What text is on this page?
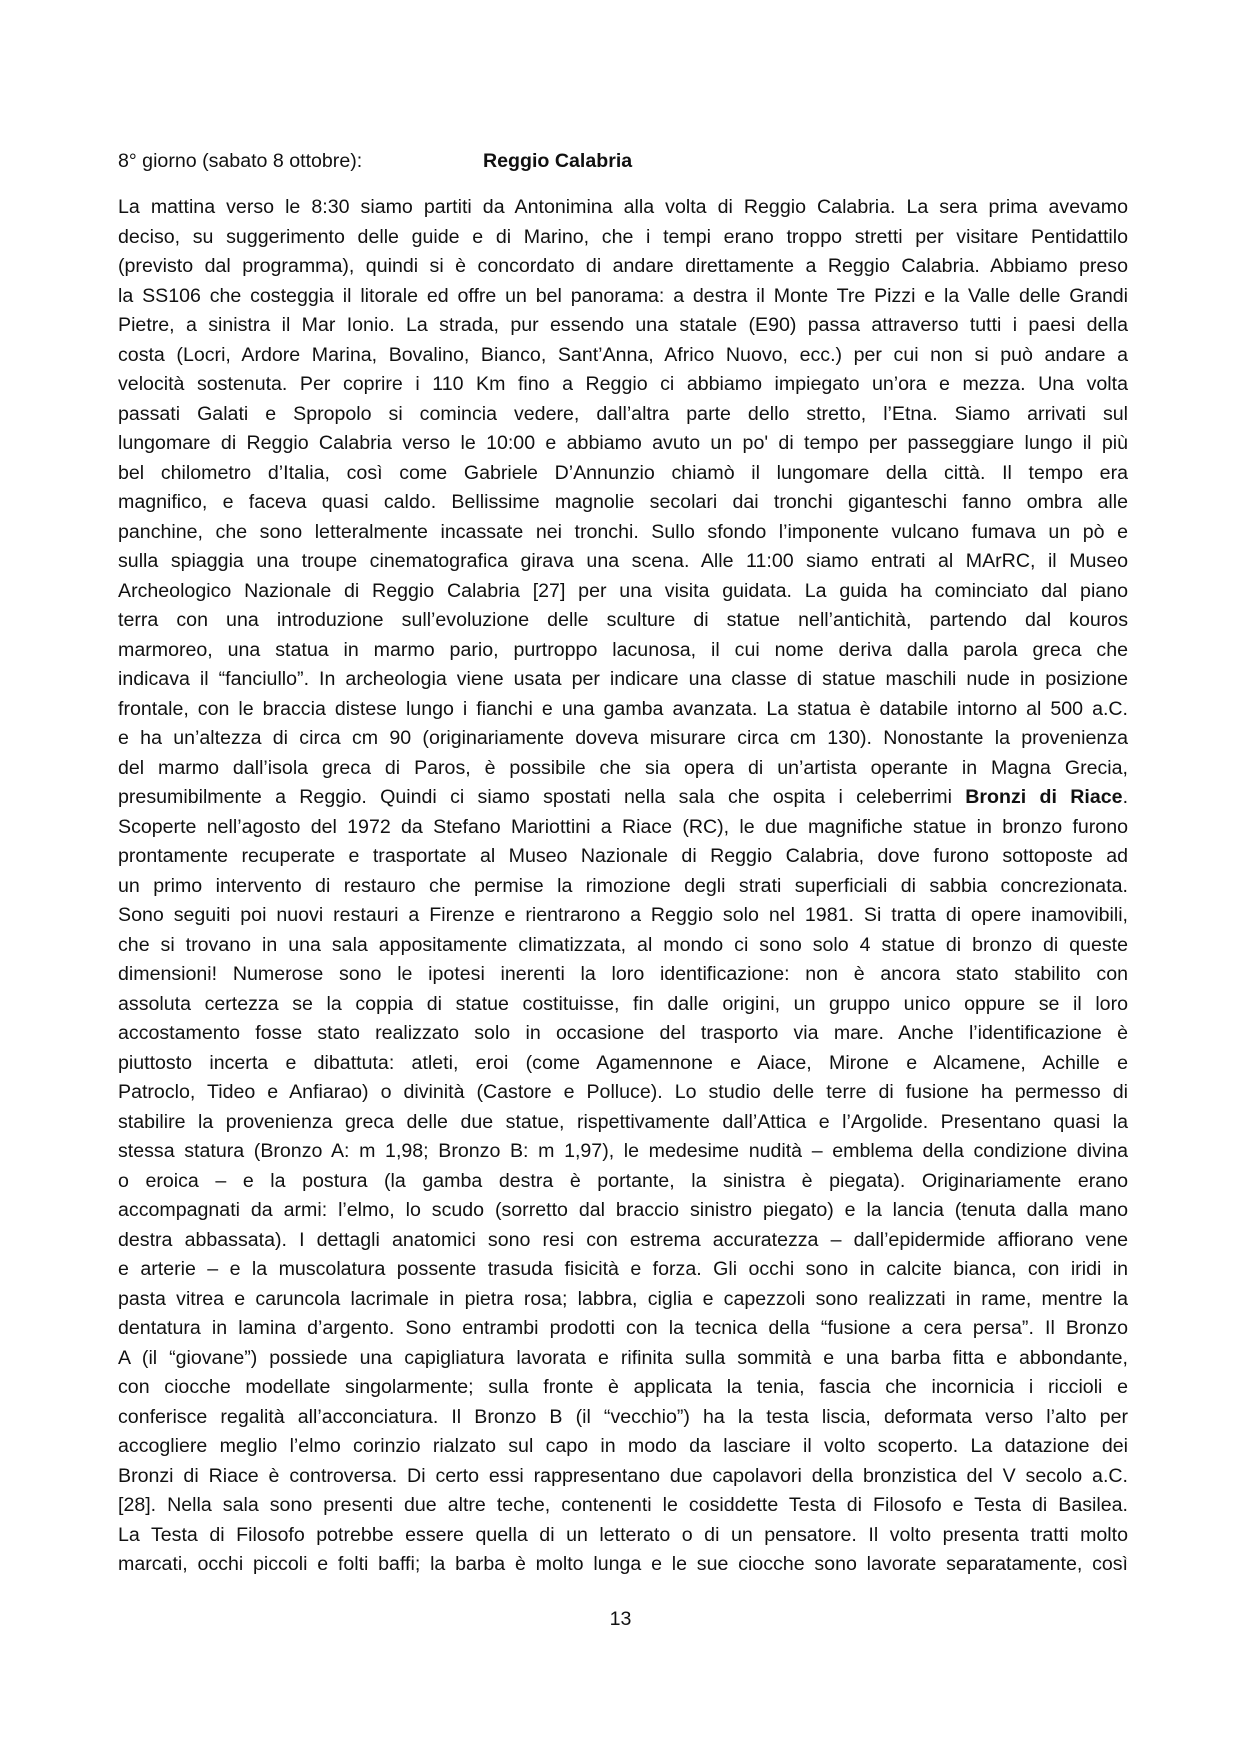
8° giorno (sabato 8 ottobre):	Reggio Calabria
La mattina verso le 8:30 siamo partiti da Antonimina alla volta di Reggio Calabria. La sera prima avevamo
deciso, su suggerimento delle guide e di Marino, che i tempi erano troppo stretti per visitare Pentidattilo
(previsto dal programma), quindi si è concordato di andare direttamente a Reggio Calabria. Abbiamo preso
la SS106 che costeggia il litorale ed offre un bel panorama: a destra il Monte Tre Pizzi e la Valle delle Grandi
Pietre, a sinistra il Mar Ionio. La strada, pur essendo una statale (E90) passa attraverso tutti i paesi della
costa (Locri, Ardore Marina, Bovalino, Bianco, Sant’Anna, Africo Nuovo, ecc.) per cui non si può andare a
velocità sostenuta. Per coprire i 110 Km fino a Reggio ci abbiamo impiegato un’ora e mezza. Una volta
passati Galati e Spropolo si comincia vedere, dall’altra parte dello stretto, l’Etna. Siamo arrivati sul
lungomare di Reggio Calabria verso le 10:00 e abbiamo avuto un po' di tempo per passeggiare lungo il più
bel chilometro d’Italia, così come Gabriele D’Annunzio chiamò il lungomare della città. Il tempo era
magnifico, e faceva quasi caldo. Bellissime magnolie secolari dai tronchi giganteschi fanno ombra alle
panchine, che sono letteralmente incassate nei tronchi. Sullo sfondo l’imponente vulcano fumava un pò e
sulla spiaggia una troupe cinematografica girava una scena. Alle 11:00 siamo entrati al MArRC, il Museo
Archeologico Nazionale di Reggio Calabria [27] per una visita guidata. La guida ha cominciato dal piano
terra con una introduzione sull’evoluzione delle sculture di statue nell’antichità, partendo dal kouros
marmoreo, una statua in marmo pario, purtroppo lacunosa, il cui nome deriva dalla parola greca che
indicava il “fanciullo”. In archeologia viene usata per indicare una classe di statue maschili nude in posizione
frontale, con le braccia distese lungo i fianchi e una gamba avanzata. La statua è databile intorno al 500 a.C.
e ha un’altezza di circa cm 90 (originariamente doveva misurare circa cm 130). Nonostante la provenienza
del marmo dall’isola greca di Paros, è possibile che sia opera di un’artista operante in Magna Grecia,
presumibilmente a Reggio. Quindi ci siamo spostati nella sala che ospita i celeberrimi Bronzi di Riace.
Scoperte nell’agosto del 1972 da Stefano Mariottini a Riace (RC), le due magnifiche statue in bronzo furono
prontamente recuperate e trasportate al Museo Nazionale di Reggio Calabria, dove furono sottoposte ad
un primo intervento di restauro che permise la rimozione degli strati superficiali di sabbia concrezionata.
Sono seguiti poi nuovi restauri a Firenze e rientrarono a Reggio solo nel 1981. Si tratta di opere inamovibili,
che si trovano in una sala appositamente climatizzata, al mondo ci sono solo 4 statue di bronzo di queste
dimensioni! Numerose sono le ipotesi inerenti la loro identificazione: non è ancora stato stabilito con
assoluta certezza se la coppia di statue costituisse, fin dalle origini, un gruppo unico oppure se il loro
accostamento fosse stato realizzato solo in occasione del trasporto via mare. Anche l’identificazione è
piuttosto incerta e dibattuta: atleti, eroi (come Agamennone e Aiace, Mirone e Alcamene, Achille e
Patroclo, Tideo e Anfiarao) o divinità (Castore e Polluce). Lo studio delle terre di fusione ha permesso di
stabilire la provenienza greca delle due statue, rispettivamente dall’Attica e l’Argolide. Presentano quasi la
stessa statura (Bronzo A: m 1,98; Bronzo B: m 1,97), le medesime nudità – emblema della condizione divina
o eroica – e la postura (la gamba destra è portante, la sinistra è piegata). Originariamente erano
accompagnati da armi: l’elmo, lo scudo (sorretto dal braccio sinistro piegato) e la lancia (tenuta dalla mano
destra abbassata). I dettagli anatomici sono resi con estrema accuratezza – dall’epidermide affiorano vene
e arterie – e la muscolatura possente trasuda fisicità e forza. Gli occhi sono in calcite bianca, con iridi in
pasta vitrea e caruncola lacrimale in pietra rosa; labbra, ciglia e capezzoli sono realizzati in rame, mentre la
dentatura in lamina d’argento. Sono entrambi prodotti con la tecnica della “fusione a cera persa”. Il Bronzo
A (il “giovane”) possiede una capigliatura lavorata e rifinita sulla sommità e una barba fitta e abbondante,
con ciocche modellate singolarmente; sulla fronte è applicata la tenia, fascia che incornicia i riccioli e
conferisce regalità all’acconciatura. Il Bronzo B (il “vecchio”) ha la testa liscia, deformata verso l’alto per
accogliere meglio l’elmo corinzio rialzato sul capo in modo da lasciare il volto scoperto. La datazione dei
Bronzi di Riace è controversa. Di certo essi rappresentano due capolavori della bronzistica del V secolo a.C.
[28]. Nella sala sono presenti due altre teche, contenenti le cosiddette Testa di Filosofo e Testa di Basilea.
La Testa di Filosofo potrebbe essere quella di un letterato o di un pensatore. Il volto presenta tratti molto
marcati, occhi piccoli e folti baffi; la barba è molto lunga e le sue ciocche sono lavorate separatamente, così
13
